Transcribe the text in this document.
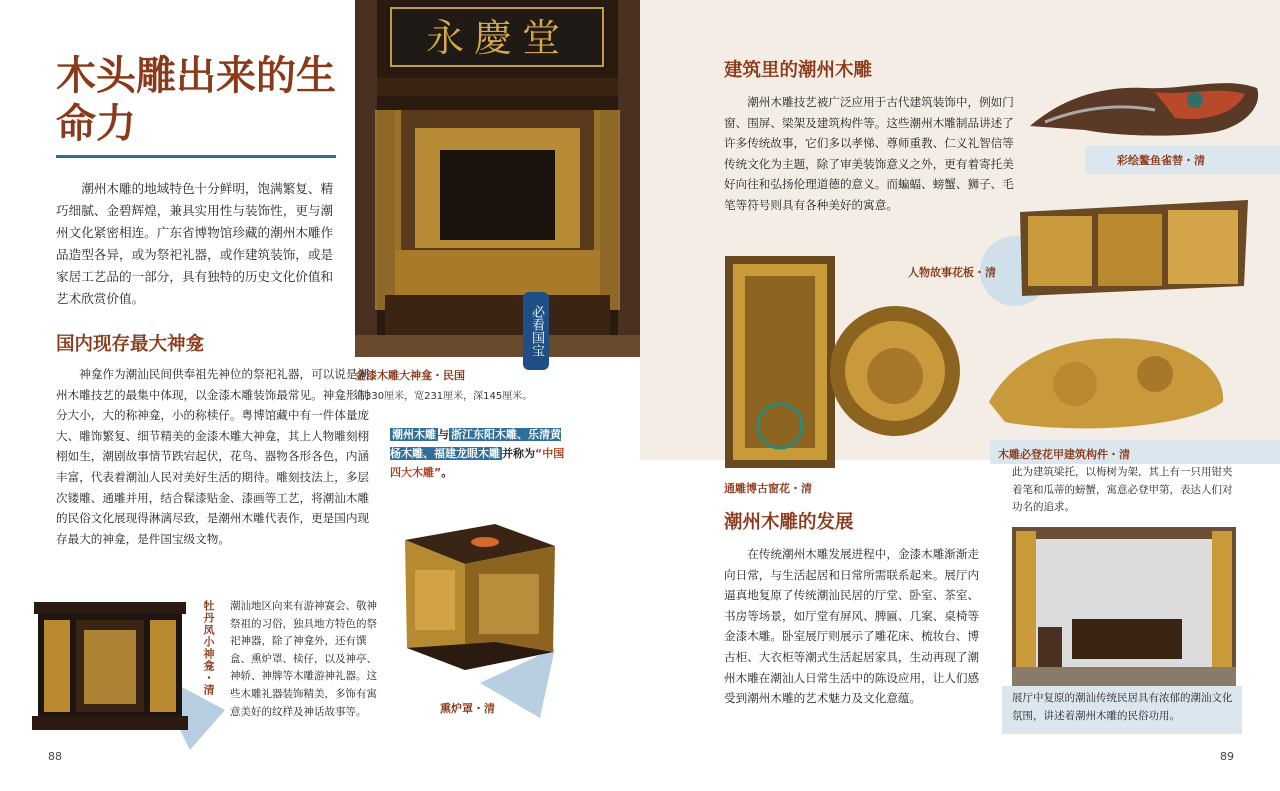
木头雕出来的生命力

潮州木雕的地域特色十分鲜明，饱满繁复、精巧细腻、金碧辉煌，兼具实用性与装饰性，更与潮州文化紧密相连。广东省博物馆珍藏的潮州木雕作品造型各异，或为祭祀礼器，或作建筑装饰，或是家居工艺品的一部分，具有独特的历史文化价值和艺术欣赏价值。

永慶堂
必看国宝
金漆木雕大神龛・民国
高330厘米，宽231厘米，深145厘米。
国内现存最大神龛

神龛作为潮汕民间供奉祖先神位的祭祀礼器，可以说是潮州木雕技艺的最集中体现，以金漆木雕装饰最常见。神龛形制分大小，大的称神龛，小的称椟仔。粤博馆藏中有一件体量庞大、雕饰繁复、细节精美的金漆木雕大神龛，其上人物雕刻栩栩如生，潮剧故事情节跌宕起伏，花鸟、器物各形各色，内涵丰富，代表着潮汕人民对美好生活的期待。雕刻技法上，多层次镂雕、通雕并用，结合髹漆贴金、漆画等工艺，将潮汕木雕的民俗文化展现得淋漓尽致，是潮州木雕代表作，更是国内现存最大的神龛，是件国宝级文物。

潮州木雕 与 浙江东阳木雕、乐清黄杨木雕、福建龙眼木雕 并称为“中国四大木雕”。
牡丹凤小神龛・清 潮汕地区向来有游神赛会、敬神祭祖的习俗，独具地方特色的祭祀神器，除了神龛外，还有馔盒、熏炉罩、椟仔，以及神亭、神轿、神牌等木雕游神礼器。这些木雕礼器装饰精美，多饰有寓意美好的纹样及神话故事等。	熏炉罩・清
88
建筑里的潮州木雕

潮州木雕技艺被广泛应用于古代建筑装饰中，例如门窗、围屏、梁架及建筑构件等。这些潮州木雕制品讲述了许多传统故事，它们多以孝悌、尊师重教、仁义礼智信等传统文化为主题，除了审美装饰意义之外，更有着寄托美好向往和弘扬伦理道德的意义。而蝙蝠、螃蟹、狮子、毛笔等符号则具有各种美好的寓意。

彩绘鳌鱼雀替・清
人物故事花板・清
通雕博古窗花・清
木雕必登花甲建筑构件・清

此为建筑梁托，以梅树为架，其上有一只用钳夹着笔和瓜蒂的螃蟹，寓意必登甲第，表达人们对功名的追求。

潮州木雕的发展

在传统潮州木雕发展进程中，金漆木雕渐渐走向日常，与生活起居和日常所需联系起来。展厅内逼真地复原了传统潮汕民居的厅堂、卧室、茶室、书房等场景，如厅堂有屏风、脾匾、几案、桌椅等金漆木雕。卧室展厅则展示了雕花床、梳妆台、博古柜、大衣柜等潮式生活起居家具，生动再现了潮州木雕在潮汕人日常生活中的陈设应用，让人们感受到潮州木雕的艺术魅力及文化意蕴。	展厅中复原的潮汕传统民居具有浓郁的潮汕文化氛围，讲述着潮州木雕的民俗功用。

89
